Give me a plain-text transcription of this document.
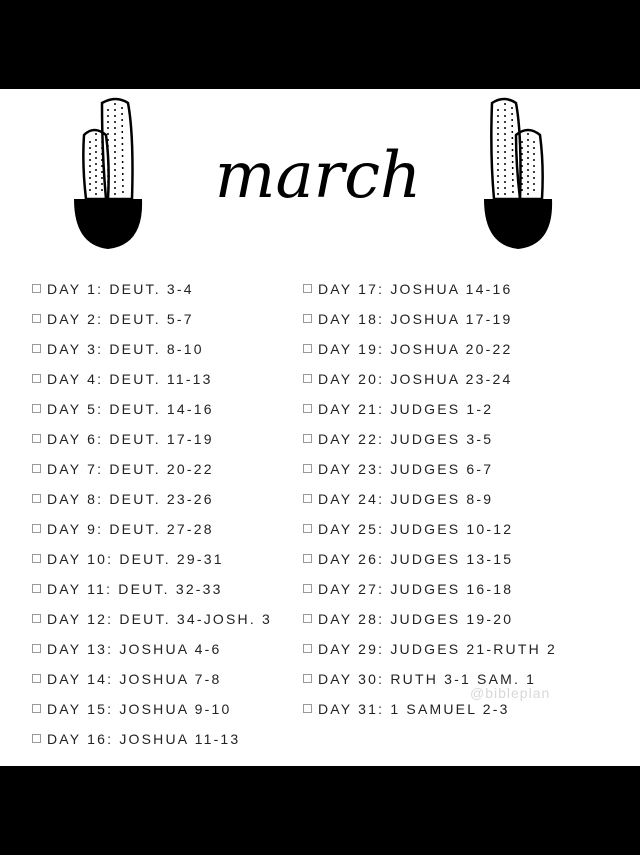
march
DAY 1: DEUT. 3-4
DAY 2: DEUT. 5-7
DAY 3: DEUT. 8-10
DAY 4: DEUT. 11-13
DAY 5: DEUT. 14-16
DAY 6: DEUT. 17-19
DAY 7: DEUT. 20-22
DAY 8: DEUT. 23-26
DAY 9: DEUT. 27-28
DAY 10: DEUT. 29-31
DAY 11: DEUT. 32-33
DAY 12: DEUT. 34-JOSH. 3
DAY 13: JOSHUA 4-6
DAY 14: JOSHUA 7-8
DAY 15: JOSHUA 9-10
DAY 16: JOSHUA 11-13
DAY 17: JOSHUA 14-16
DAY 18: JOSHUA 17-19
DAY 19: JOSHUA 20-22
DAY 20: JOSHUA 23-24
DAY 21: JUDGES 1-2
DAY 22: JUDGES 3-5
DAY 23: JUDGES 6-7
DAY 24: JUDGES 8-9
DAY 25: JUDGES 10-12
DAY 26: JUDGES 13-15
DAY 27: JUDGES 16-18
DAY 28: JUDGES 19-20
DAY 29: JUDGES 21-RUTH 2
DAY 30: RUTH 3-1 SAM. 1
DAY 31: 1 SAMUEL 2-3
@bibleplan
